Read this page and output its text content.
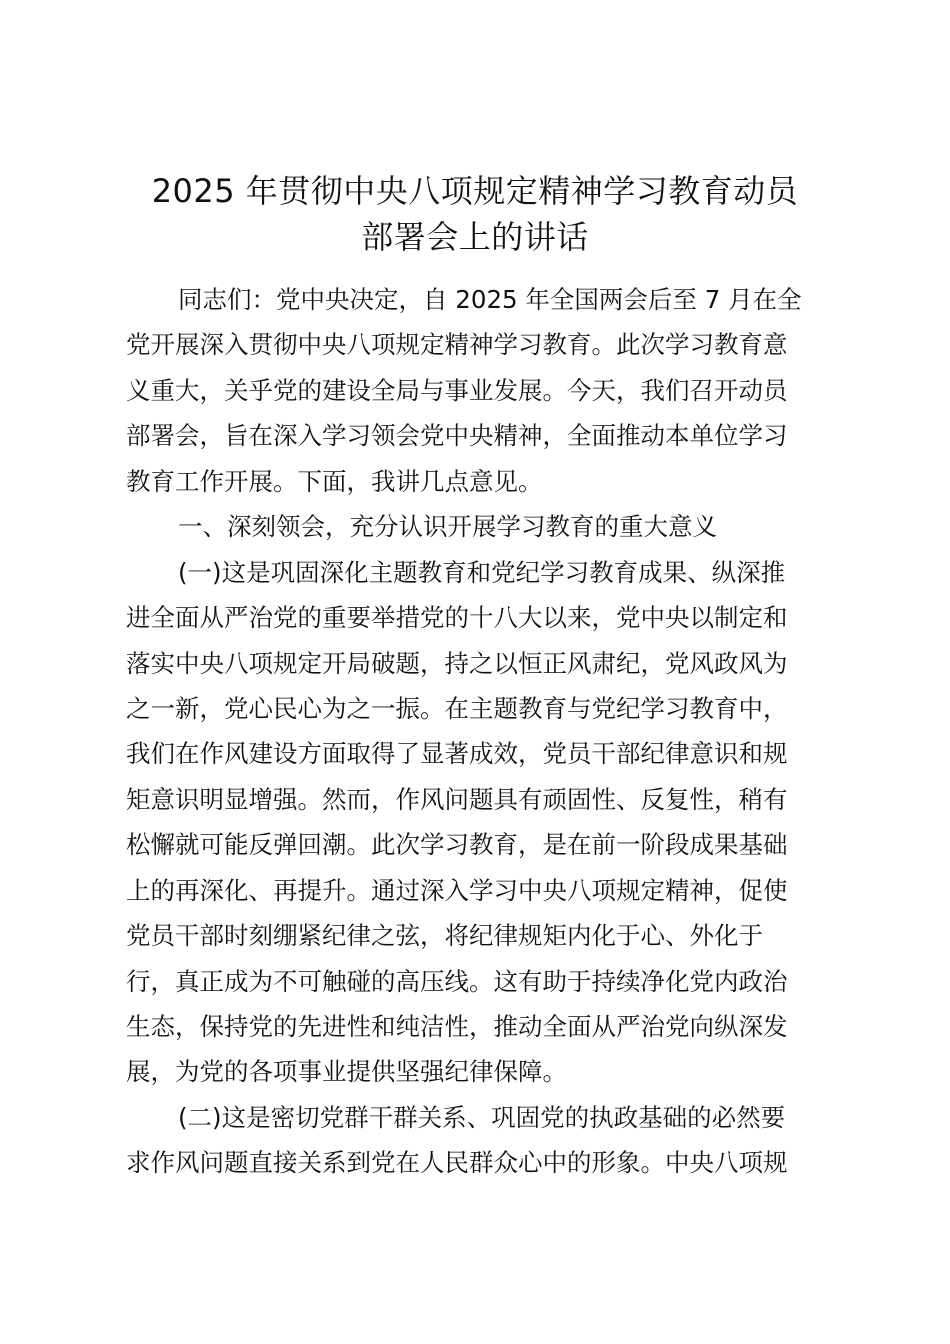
2025 年贯彻中央八项规定精神学习教育动员
部署会上的讲话
同志们：党中央决定，自 2025 年全国两会后至 7 月在全
党开展深入贯彻中央八项规定精神学习教育。此次学习教育意
义重大，关乎党的建设全局与事业发展。今天，我们召开动员
部署会，旨在深入学习领会党中央精神，全面推动本单位学习
教育工作开展。下面，我讲几点意见。
一、深刻领会，充分认识开展学习教育的重大意义
(一)这是巩固深化主题教育和党纪学习教育成果、纵深推
进全面从严治党的重要举措党的十八大以来，党中央以制定和
落实中央八项规定开局破题，持之以恒正风肃纪，党风政风为
之一新，党心民心为之一振。在主题教育与党纪学习教育中，
我们在作风建设方面取得了显著成效，党员干部纪律意识和规
矩意识明显增强。然而，作风问题具有顽固性、反复性，稍有
松懈就可能反弹回潮。此次学习教育，是在前一阶段成果基础
上的再深化、再提升。通过深入学习中央八项规定精神，促使
党员干部时刻绷紧纪律之弦，将纪律规矩内化于心、外化于
行，真正成为不可触碰的高压线。这有助于持续净化党内政治
生态，保持党的先进性和纯洁性，推动全面从严治党向纵深发
展，为党的各项事业提供坚强纪律保障。
(二)这是密切党群干群关系、巩固党的执政基础的必然要
求作风问题直接关系到党在人民群众心中的形象。中央八项规
